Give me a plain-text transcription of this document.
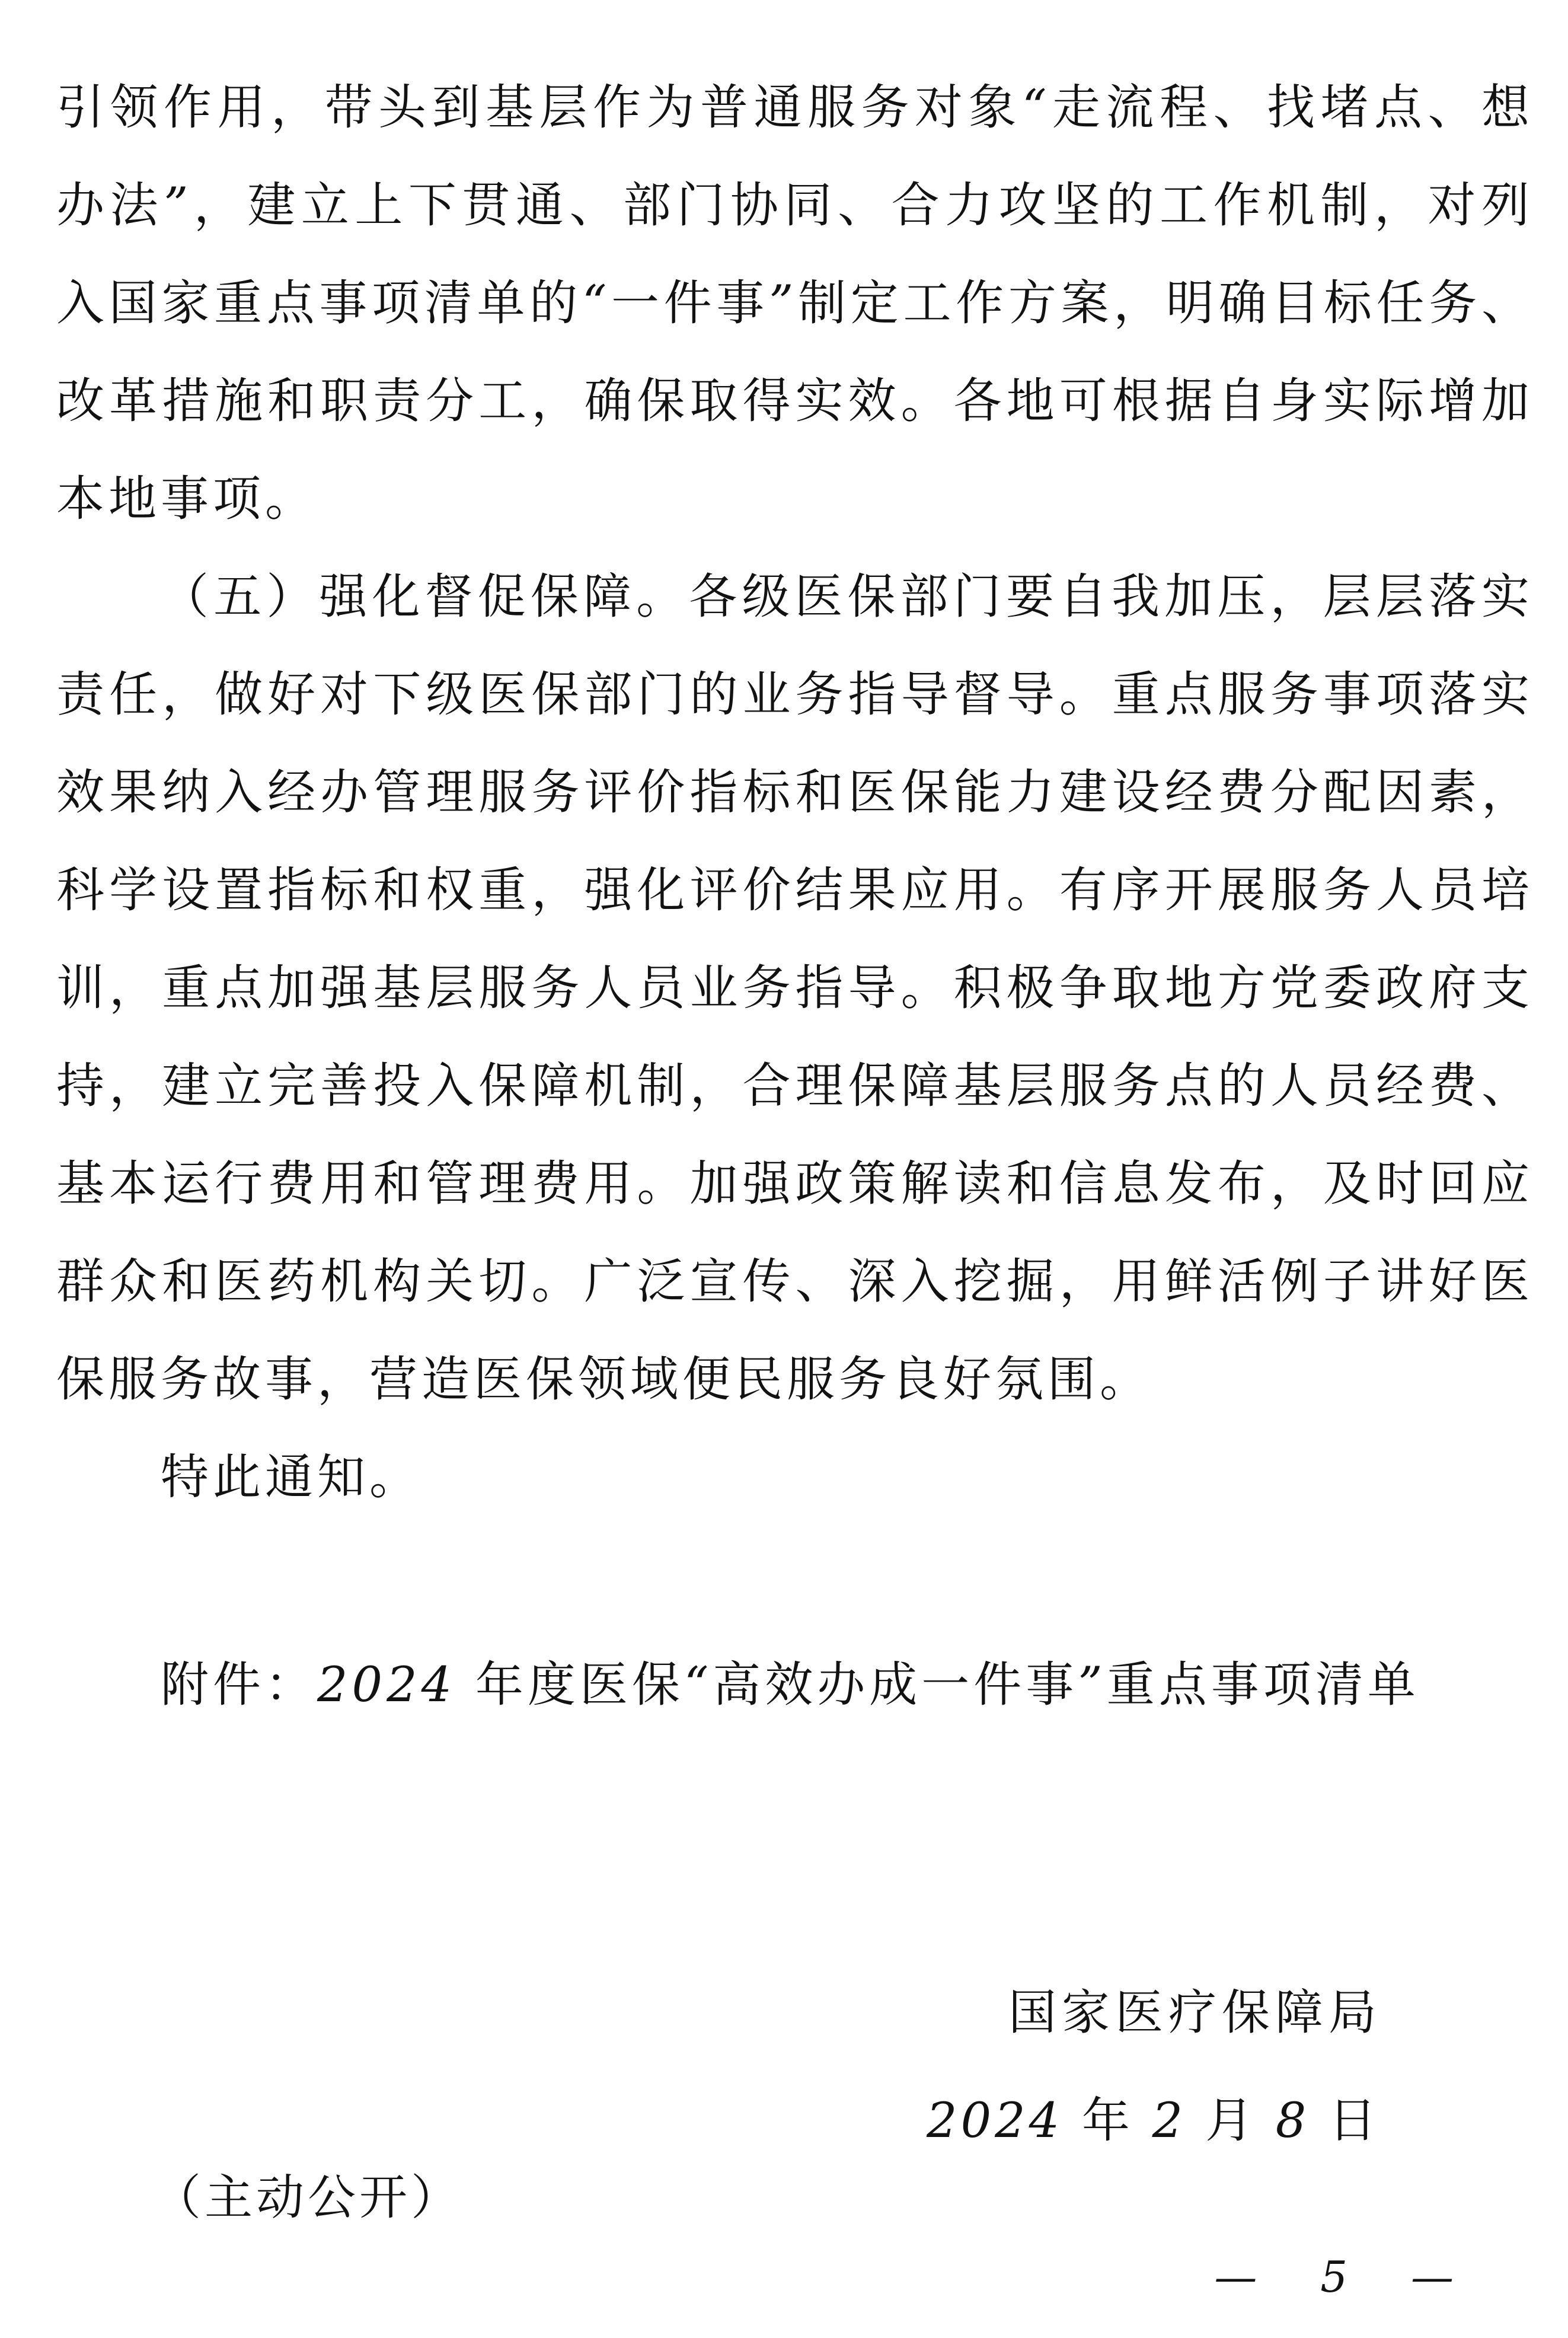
引领作用，带头到基层作为普通服务对象“走流程、找堵点、想办法”，建立上下贯通、部门协同、合力攻坚的工作机制，对列入国家重点事项清单的“一件事”制定工作方案，明确目标任务、改革措施和职责分工，确保取得实效。各地可根据自身实际增加本地事项。

（五）强化督促保障。各级医保部门要自我加压，层层落实责任，做好对下级医保部门的业务指导督导。重点服务事项落实效果纳入经办管理服务评价指标和医保能力建设经费分配因素，科学设置指标和权重，强化评价结果应用。有序开展服务人员培训，重点加强基层服务人员业务指导。积极争取地方党委政府支持，建立完善投入保障机制，合理保障基层服务点的人员经费、基本运行费用和管理费用。加强政策解读和信息发布，及时回应群众和医药机构关切。广泛宣传、深入挖掘，用鲜活例子讲好医保服务故事，营造医保领域便民服务良好氛围。

特此通知。

附件：2024 年度医保“高效办成一件事”重点事项清单

国家医疗保障局
2024 年 2 月 8 日
（主动公开）
— 5 —
